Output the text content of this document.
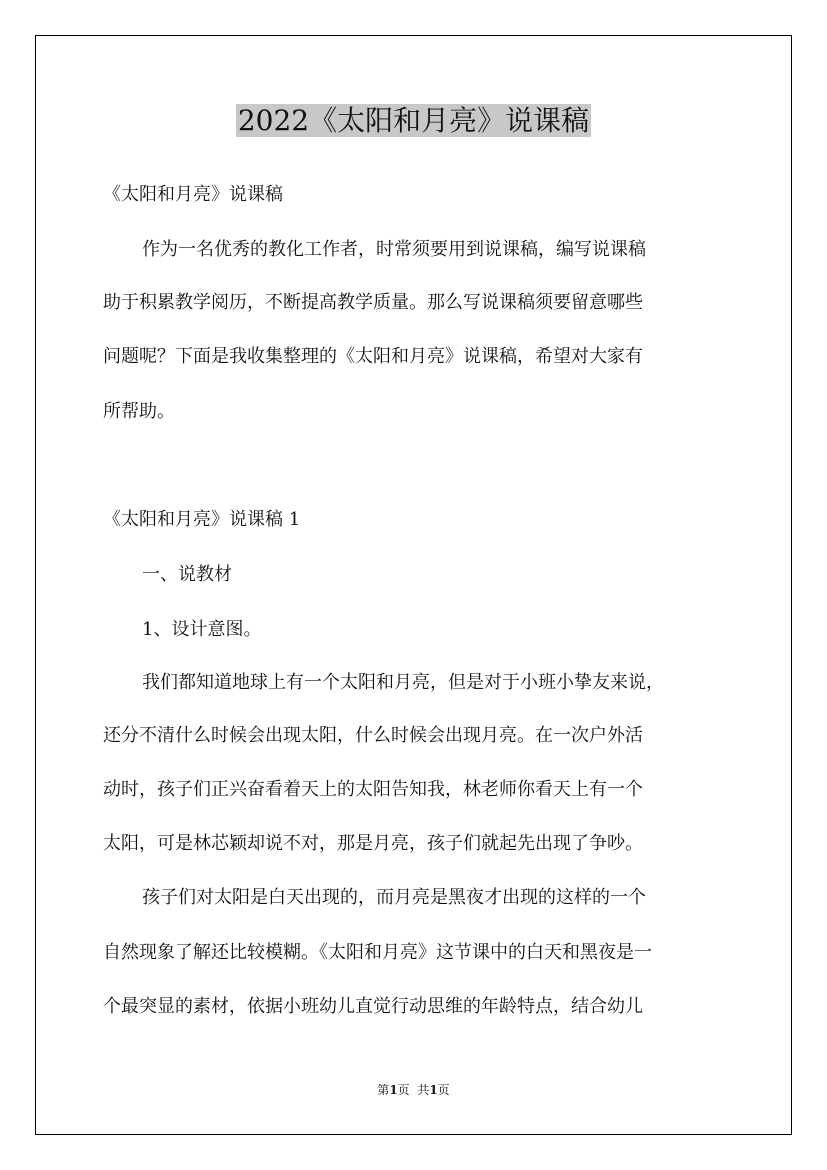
2022《太阳和月亮》说课稿
《太阳和月亮》说课稿
作为一名优秀的教化工作者，时常须要用到说课稿，编写说课稿
助于积累教学阅历，不断提高教学质量。那么写说课稿须要留意哪些
问题呢？下面是我收集整理的《太阳和月亮》说课稿，希望对大家有
所帮助。
《太阳和月亮》说课稿 1
一、说教材
1、设计意图。
我们都知道地球上有一个太阳和月亮，但是对于小班小挚友来说，
还分不清什么时候会出现太阳，什么时候会出现月亮。在一次户外活
动时，孩子们正兴奋看着天上的太阳告知我，林老师你看天上有一个
太阳，可是林芯颖却说不对，那是月亮，孩子们就起先出现了争吵。
孩子们对太阳是白天出现的，而月亮是黑夜才出现的这样的一个
自然现象了解还比较模糊。《太阳和月亮》这节课中的白天和黑夜是一
个最突显的素材，依据小班幼儿直觉行动思维的年龄特点，结合幼儿
第1页  共1页
